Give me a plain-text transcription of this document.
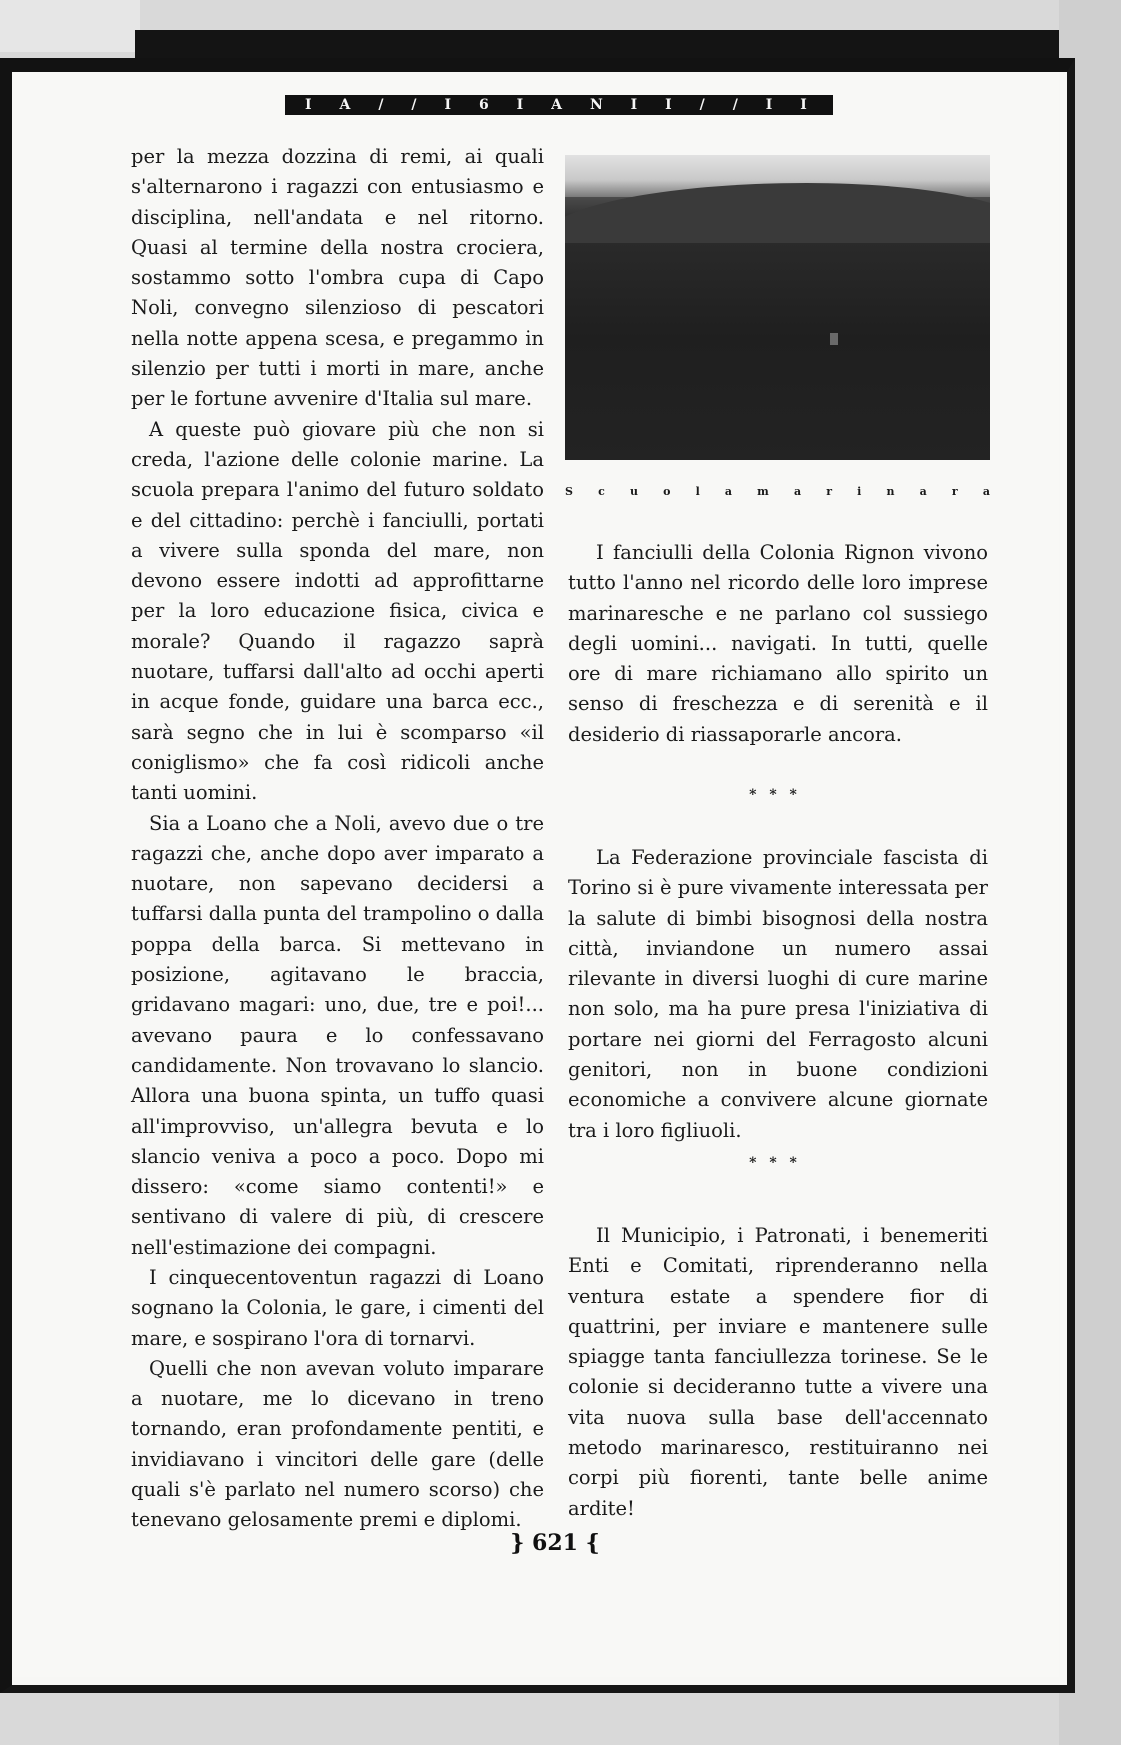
I A / / I 6 I A N I I / / I I

per la mezza dozzina di remi, ai quali s'alternarono i ragazzi con entusiasmo e disciplina, nell'andata e nel ritorno. Quasi al termine della nostra crociera, sostammo sotto l'ombra cupa di Capo Noli, convegno silenzioso di pescatori nella notte appena scesa, e pregammo in silenzio per tutti i morti in mare, anche per le fortune avvenire d'Italia sul mare.

A queste può giovare più che non si creda, l'azione delle colonie marine. La scuola prepara l'animo del futuro soldato e del cittadino: perchè i fanciulli, portati a vivere sulla sponda del mare, non devono essere indotti ad approfittarne per la loro educazione fisica, civica e morale? Quando il ragazzo saprà nuotare, tuffarsi dall'alto ad occhi aperti in acque fonde, guidare una barca ecc., sarà segno che in lui è scomparso «il coniglismo» che fa così ridicoli anche tanti uomini.

Sia a Loano che a Noli, avevo due o tre ragazzi che, anche dopo aver imparato a nuotare, non sapevano decidersi a tuffarsi dalla punta del trampolino o dalla poppa della barca. Si mettevano in posizione, agitavano le braccia, gridavano magari: uno, due, tre e poi!... avevano paura e lo confessavano candidamente. Non trovavano lo slancio. Allora una buona spinta, un tuffo quasi all'improvviso, un'allegra bevuta e lo slancio veniva a poco a poco. Dopo mi dissero: «come siamo contenti!» e sentivano di valere di più, di crescere nell'estimazione dei compagni.

I cinquecentoventun ragazzi di Loano sognano la Colonia, le gare, i cimenti del mare, e sospirano l'ora di tornarvi.

Quelli che non avevan voluto imparare a nuotare, me lo dicevano in treno tornando, eran profondamente pentiti, e invidiavano i vincitori delle gare (delle quali s'è parlato nel numero scorso) che tenevano gelosamente premi e diplomi.

S c u o l a m a r i n a r a

I fanciulli della Colonia Rignon vivono tutto l'anno nel ricordo delle loro imprese marinaresche e ne parlano col sussiego degli uomini... navigati. In tutti, quelle ore di mare richiamano allo spirito un senso di freschezza e di serenità e il desiderio di riassaporarle ancora.

* * *

La Federazione provinciale fascista di Torino si è pure vivamente interessata per la salute di bimbi bisognosi della nostra città, inviandone un numero assai rilevante in diversi luoghi di cure marine non solo, ma ha pure presa l'iniziativa di portare nei giorni del Ferragosto alcuni genitori, non in buone condizioni economiche a convivere alcune giornate tra i loro figliuoli.

* * *

Il Municipio, i Patronati, i benemeriti Enti e Comitati, riprenderanno nella ventura estate a spendere fior di quattrini, per inviare e mantenere sulle spiagge tanta fanciullezza torinese. Se le colonie si decideranno tutte a vivere una vita nuova sulla base dell'accennato metodo marinaresco, restituiranno nei corpi più fiorenti, tante belle anime ardite!

} 621 {
